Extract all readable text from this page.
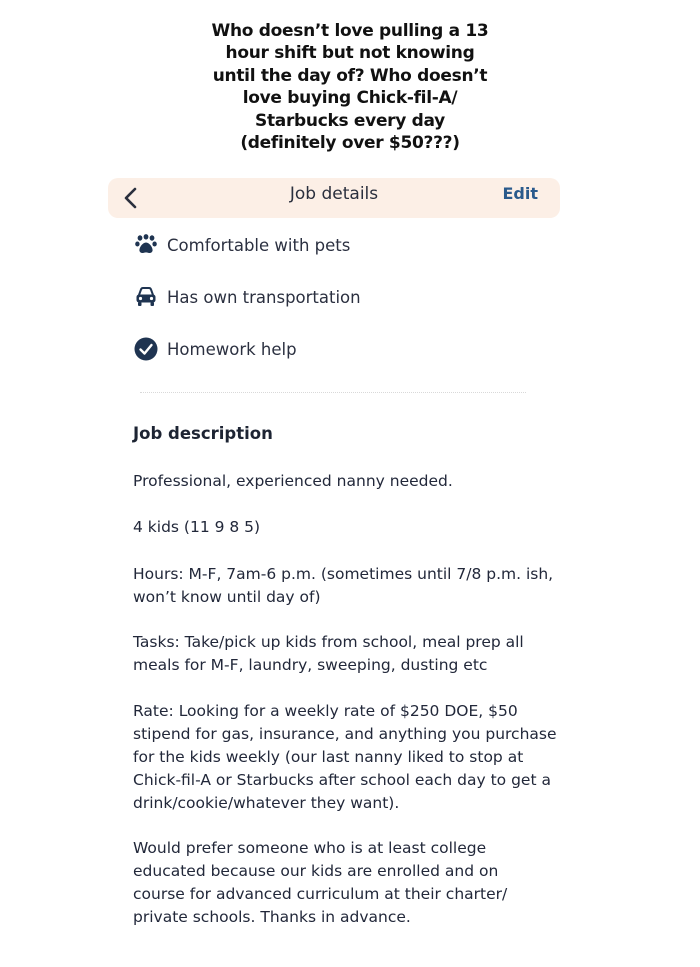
Who doesn’t love pulling a 13
hour shift but not knowing
until the day of? Who doesn’t
love buying Chick-fil-A/
Starbucks every day
(definitely over $50???)
Job details	Edit
Comfortable with pets
Has own transportation
Homework help
Job description
Professional, experienced nanny needed.
4 kids (11 9 8 5)
Hours: M-F, 7am-6 p.m. (sometimes until 7/8 p.m. ish,
won’t know until day of)
Tasks: Take/pick up kids from school, meal prep all
meals for M-F, laundry, sweeping, dusting etc
Rate: Looking for a weekly rate of $250 DOE, $50
stipend for gas, insurance, and anything you purchase
for the kids weekly (our last nanny liked to stop at
Chick-fil-A or Starbucks after school each day to get a
drink/cookie/whatever they want).
Would prefer someone who is at least college
educated because our kids are enrolled and on
course for advanced curriculum at their charter/
private schools. Thanks in advance.
